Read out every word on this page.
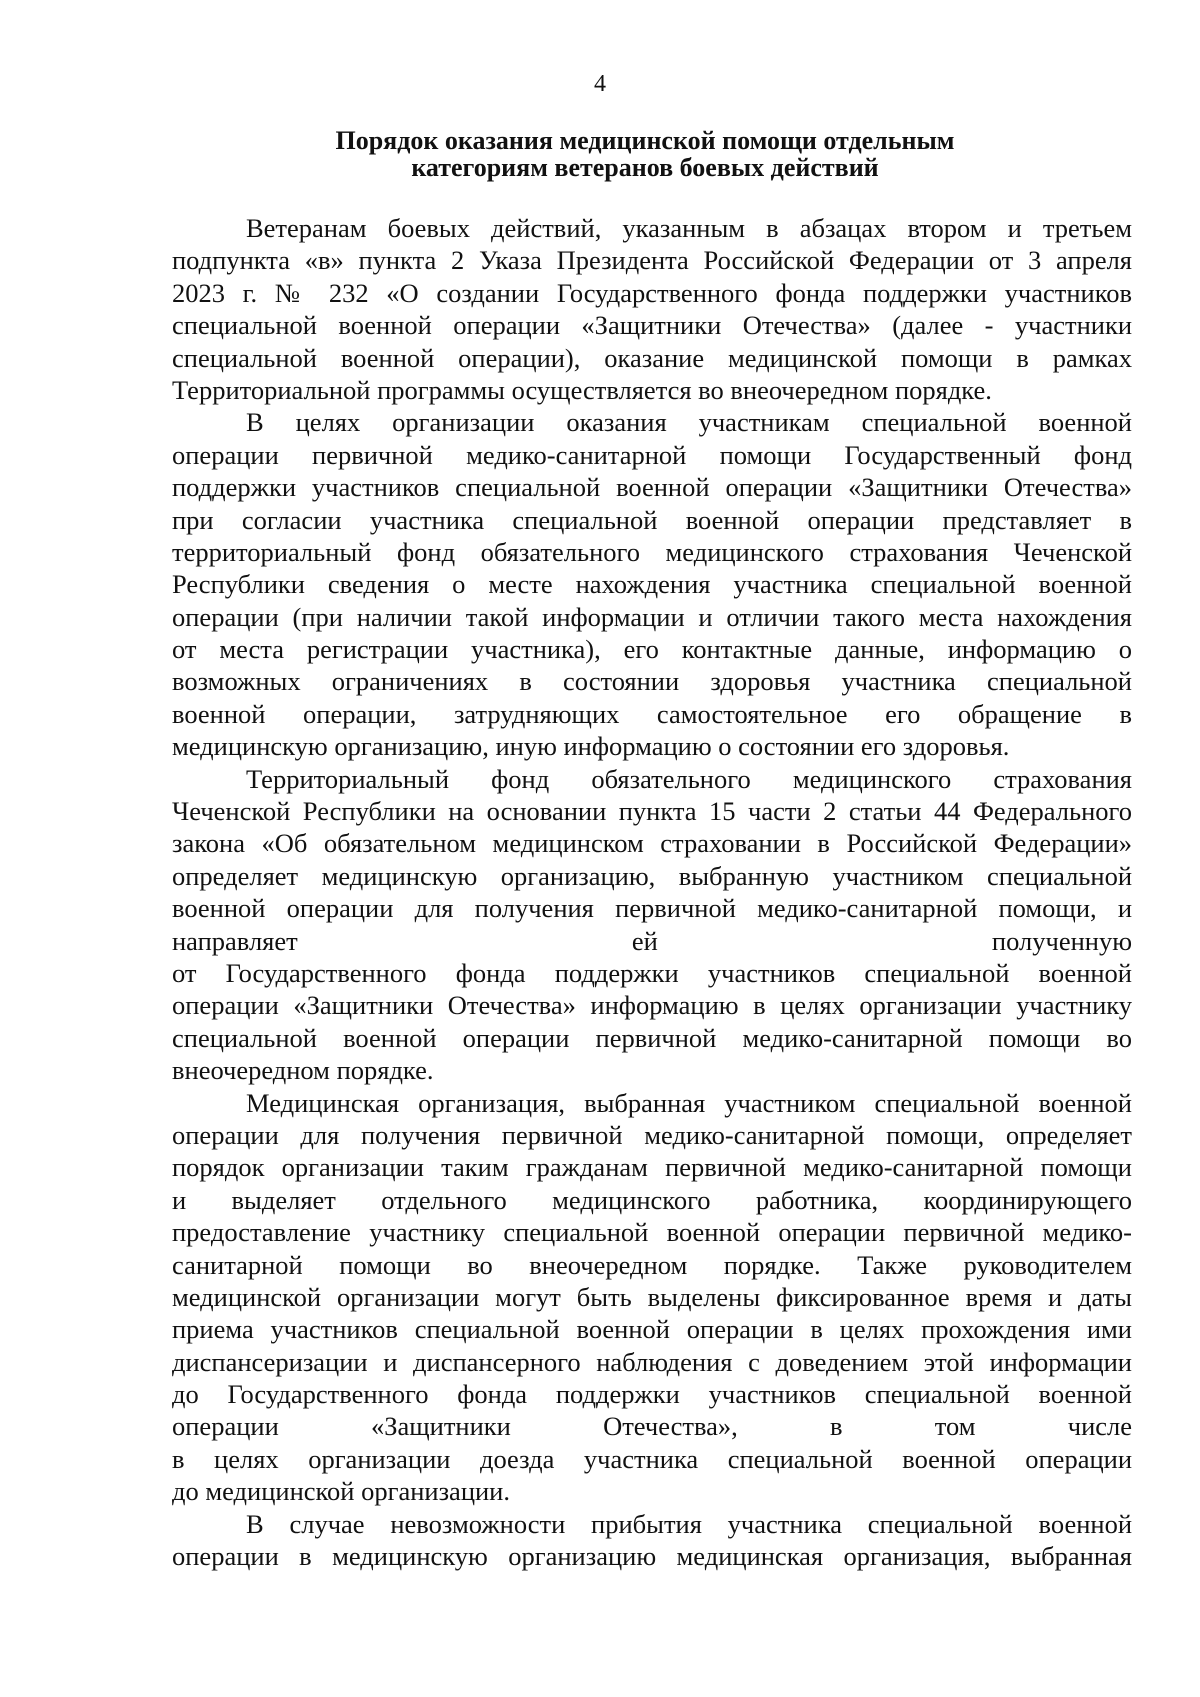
4
Порядок оказания медицинской помощи отдельным
категориям ветеранов боевых действий
Ветеранам боевых действий, указанным в абзацах втором и третьем
подпункта «в» пункта 2 Указа Президента Российской Федерации от 3 апреля
2023 г. № 232 «О создании Государственного фонда поддержки участников
специальной военной операции «Защитники Отечества» (далее - участники
специальной военной операции), оказание медицинской помощи в рамках
Территориальной программы осуществляется во внеочередном порядке.
В целях организации оказания участникам специальной военной
операции первичной медико-санитарной помощи Государственный фонд
поддержки участников специальной военной операции «Защитники Отечества»
при согласии участника специальной военной операции представляет в
территориальный фонд обязательного медицинского страхования Чеченской
Республики сведения о месте нахождения участника специальной военной
операции (при наличии такой информации и отличии такого места нахождения
от места регистрации участника), его контактные данные, информацию о
возможных ограничениях в состоянии здоровья участника специальной
военной операции, затрудняющих самостоятельное его обращение в
медицинскую организацию, иную информацию о состоянии его здоровья.
Территориальный фонд обязательного медицинского страхования
Чеченской Республики на основании пункта 15 части 2 статьи 44 Федерального
закона «Об обязательном медицинском страховании в Российской Федерации»
определяет медицинскую организацию, выбранную участником специальной
военной операции для получения первичной медико-санитарной помощи, и
направляет ей полученную
от Государственного фонда поддержки участников специальной военной
операции «Защитники Отечества» информацию в целях организации участнику
специальной военной операции первичной медико-санитарной помощи во
внеочередном порядке.
Медицинская организация, выбранная участником специальной военной
операции для получения первичной медико-санитарной помощи, определяет
порядок организации таким гражданам первичной медико-санитарной помощи
и выделяет отдельного медицинского работника, координирующего
предоставление участнику специальной военной операции первичной медико-
санитарной помощи во внеочередном порядке. Также руководителем
медицинской организации могут быть выделены фиксированное время и даты
приема участников специальной военной операции в целях прохождения ими
диспансеризации и диспансерного наблюдения с доведением этой информации
до Государственного фонда поддержки участников специальной военной
операции «Защитники Отечества», в том числе
в целях организации доезда участника специальной военной операции
до медицинской организации.
В случае невозможности прибытия участника специальной военной
операции в медицинскую организацию медицинская организация, выбранная
